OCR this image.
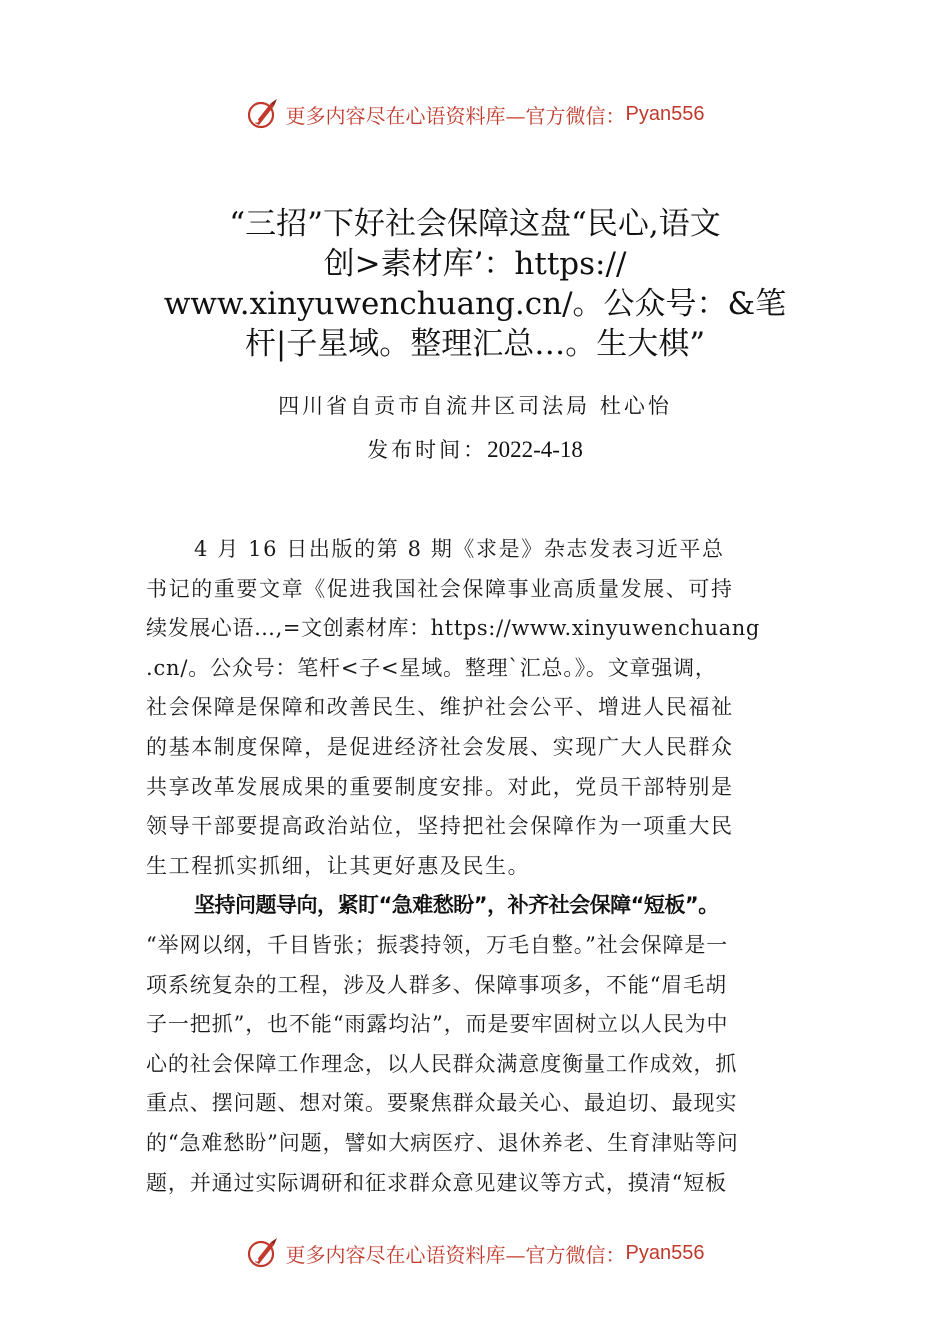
更多内容尽在心语资料库—官方微信： Pyan556
“三招”下好社会保障这盘“民心,语文
创>素材库’：https://
www.xinyuwenchuang.cn/。公众号：&笔
杆|子星域。整理汇总…。生大棋”
四川省自贡市自流井区司法局 杜心怡
发布时间：2022-4-18
4 月 16 日出版的第 8 期《求是》杂志发表习近平总
书记的重要文章《促进我国社会保障事业高质量发展、可持
续发展心语…,=文创素材库：https://www.xinyuwenchuang
.cn/。公众号：笔杆<子<星域。整理`汇总。》。文章强调，
社会保障是保障和改善民生、维护社会公平、增进人民福祉
的基本制度保障，是促进经济社会发展、实现广大人民群众
共享改革发展成果的重要制度安排。对此，党员干部特别是
领导干部要提高政治站位，坚持把社会保障作为一项重大民
生工程抓实抓细，让其更好惠及民生。
坚持问题导向，紧盯“急难愁盼”，补齐社会保障“短板”。
“举网以纲，千目皆张；振裘持领，万毛自整。”社会保障是一
项系统复杂的工程，涉及人群多、保障事项多，不能“眉毛胡
子一把抓”，也不能“雨露均沾”，而是要牢固树立以人民为中
心的社会保障工作理念，以人民群众满意度衡量工作成效，抓
重点、摆问题、想对策。要聚焦群众最关心、最迫切、最现实
的“急难愁盼”问题，譬如大病医疗、退休养老、生育津贴等问
题，并通过实际调研和征求群众意见建议等方式，摸清“短板
更多内容尽在心语资料库—官方微信： Pyan556
